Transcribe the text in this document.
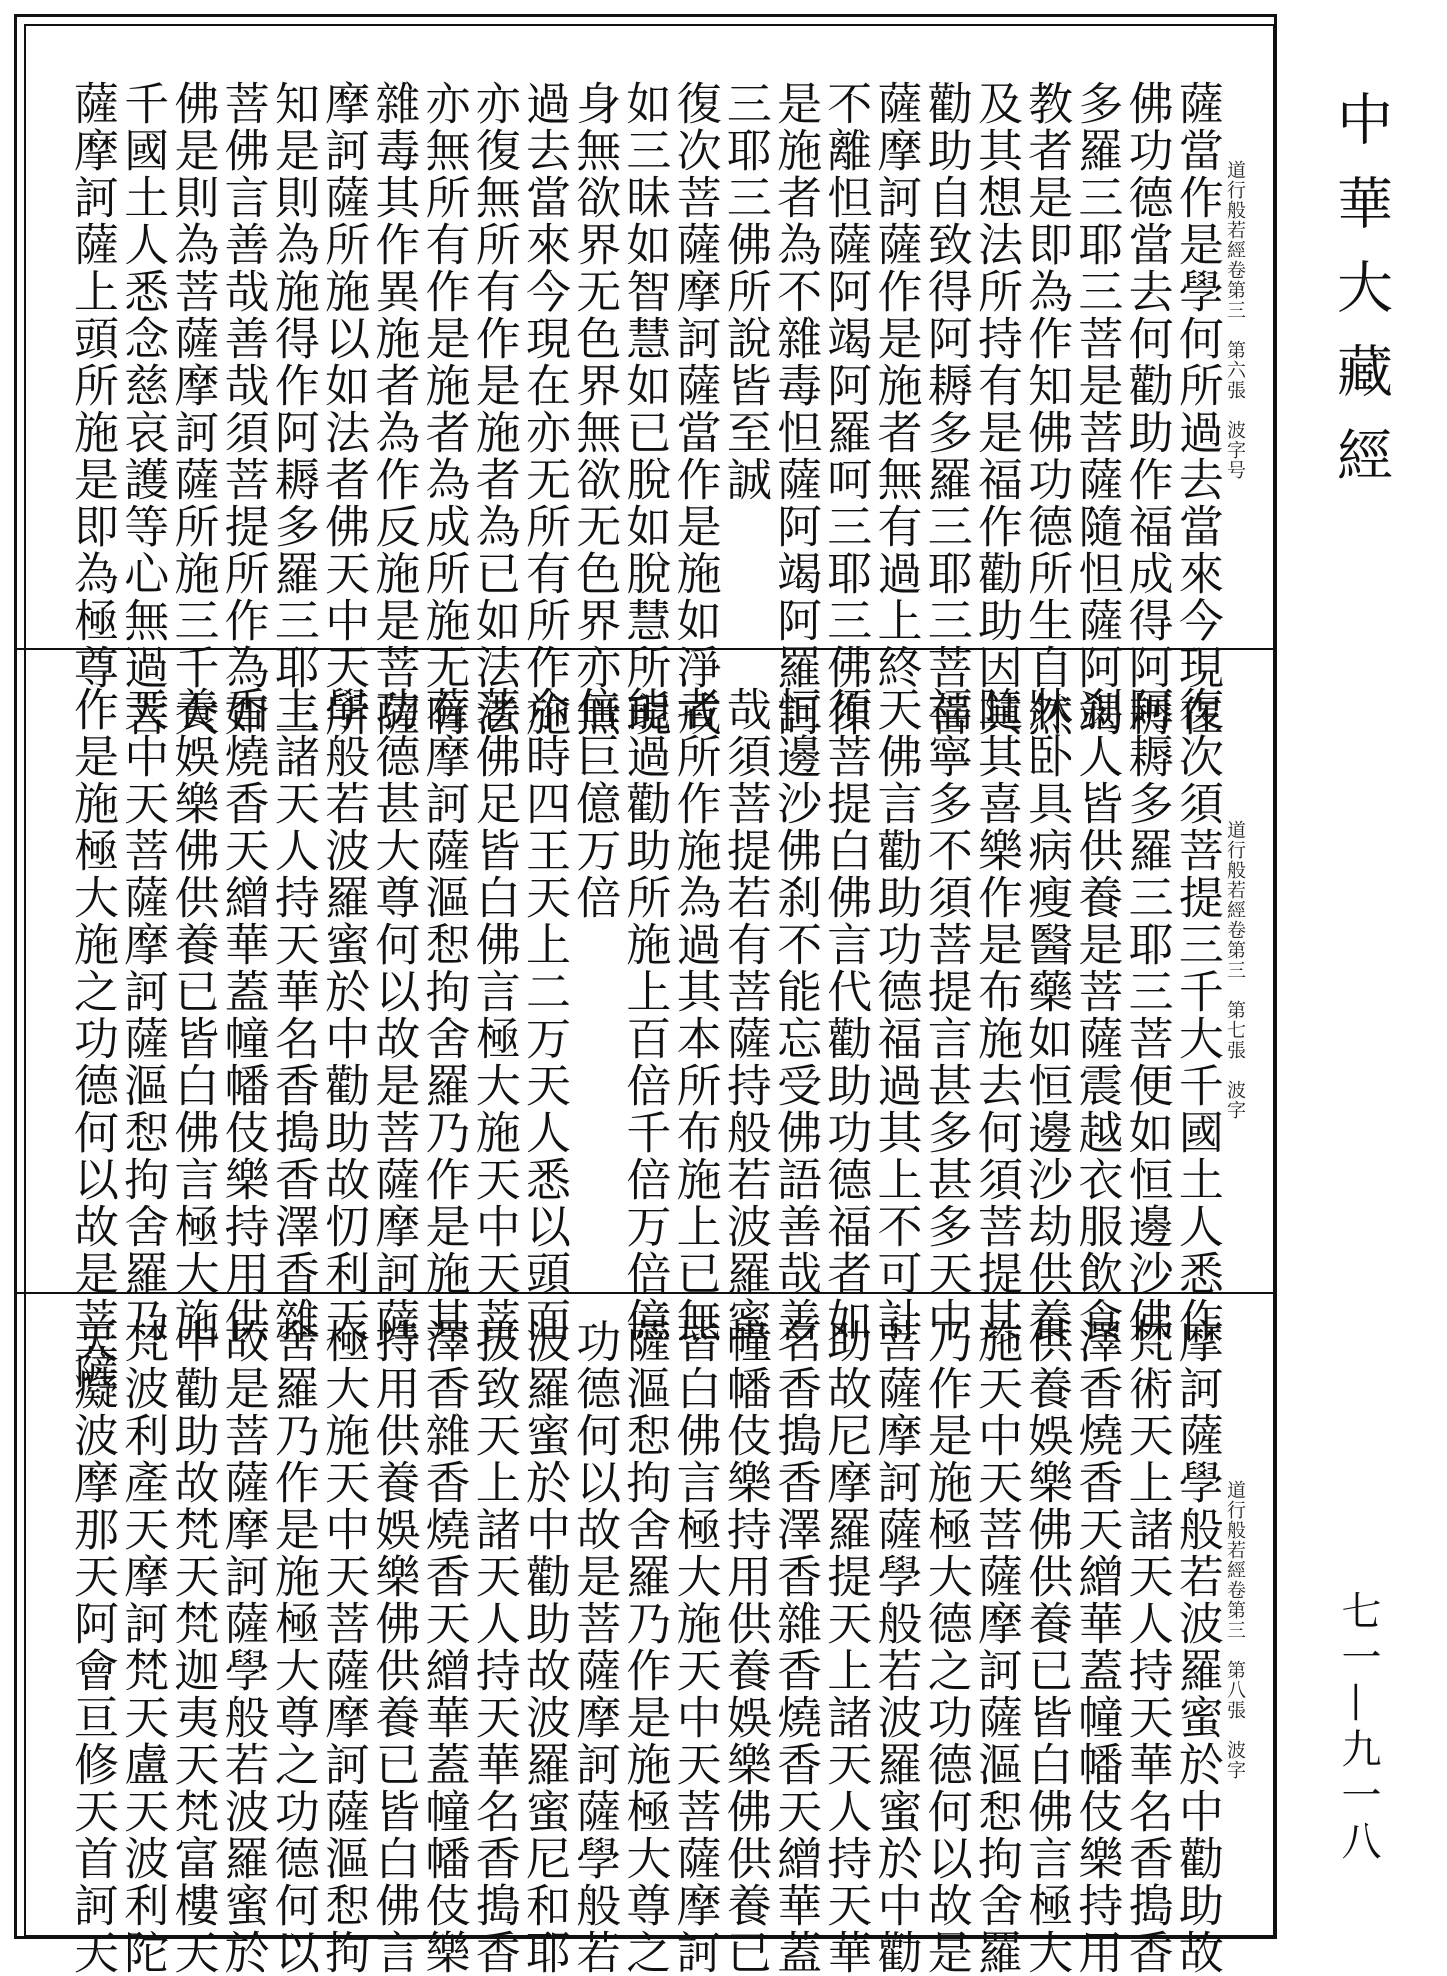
中華大藏經
七一—九一八
道行般若經卷第三　第六張　波字号
道行般若經卷第三　第七張　波字
道行般若經卷第三　第八張　波字
薩當作是學何所過去當來今現在
佛功德當去何勸助作福成得阿耨
多羅三耶三菩是菩薩隨怛薩阿竭
教者是即為作知佛功德所生自然
及其想法所持有是福作勸助因其
勸助自致得阿耨多羅三耶三菩菩
薩摩訶薩作是施者無有過上終
不離怛薩阿竭阿羅呵三耶三佛作
是施者為不雜毒怛薩阿竭阿羅訶
三耶三佛所說皆至誠
復次菩薩摩訶薩當作是施如淨戒
如三昧如智慧如已脫如脫慧所現
身無欲界无色界無欲无色界亦無
過去當來今現在亦无所有所作施
亦復無所有作是施者為已如法法
亦無所有作是施者為成所施无有
雜毒其作異施者為作反施是菩薩
摩訶薩所施以如法者佛天中天所
知是則為施得作阿耨多羅三耶三
菩佛言善哉善哉須菩提所作為如
佛是則為菩薩摩訶薩所施三千大
千國土人悉念慈哀護等心無過菩
薩摩訶薩上頭所施是即為極尊
復次須菩提三千大千國土人悉作
阿耨多羅三耶三菩便如恒邊沙佛
刹人皆供養是菩薩震越衣服飲食
牀卧具病瘦醫藥如恒邊沙劫供養
隨其喜樂作是布施去何須菩提其
福寧多不須菩提言甚多甚多天中
天佛言勸助功德福過其上不可計
須菩提白佛言代勸助功德福者如
恒邊沙佛刹不能忘受佛語善哉善
哉須菩提若有菩薩持般若波羅蜜
者所作施為過其本所布施上已無
能過勸助所施上百倍千倍万倍億
倍巨億万倍
尒時四王天上二万天人悉以頭面
著佛足皆白佛言極大施天中天菩
薩摩訶薩漚惒拘舍羅乃作是施其
功德甚大尊何以故是菩薩摩訶薩
學般若波羅蜜於中勸助故忉利天
上諸天人持天華名香搗香澤香雜
香燒香天繒華蓋幢幡伎樂持用供
養娛樂佛供養已皆白佛言極大施
天中天菩薩摩訶薩漚惒拘舍羅乃
作是施極大施之功德何以故是菩薩
摩訶薩學般若波羅蜜於中勸助故
梵術天上諸天人持天華名香搗香
澤香燒香天繒華蓋幢幡伎樂持用
供養娛樂佛供養已皆白佛言極大
施天中天菩薩摩訶薩漚惒拘舍羅
乃作是施極大德之功德何以故是
菩薩摩訶薩學般若波羅蜜於中勸
助故尼摩羅提天上諸天人持天華
名香搗香澤香雜香燒香天繒華蓋
幢幡伎樂持用供養娛樂佛供養已
皆白佛言極大施天中天菩薩摩訶
薩漚惒拘舍羅乃作是施極大尊之
功德何以故是菩薩摩訶薩學般若
波羅蜜於中勸助故波羅蜜尼和耶
拔致天上諸天人持天華名香搗香
澤香雜香燒香天繒華蓋幢幡伎樂
持用供養娛樂佛供養已皆白佛言
極大施天中天菩薩摩訶薩漚惒拘
舍羅乃作是施極大尊之功德何以
故是菩薩摩訶薩學般若波羅蜜於
中勸助故梵天梵迦夷天梵富樓天
梵波利產天摩訶梵天盧天波利陀
天癡波摩那天阿會亘修天首訶天
